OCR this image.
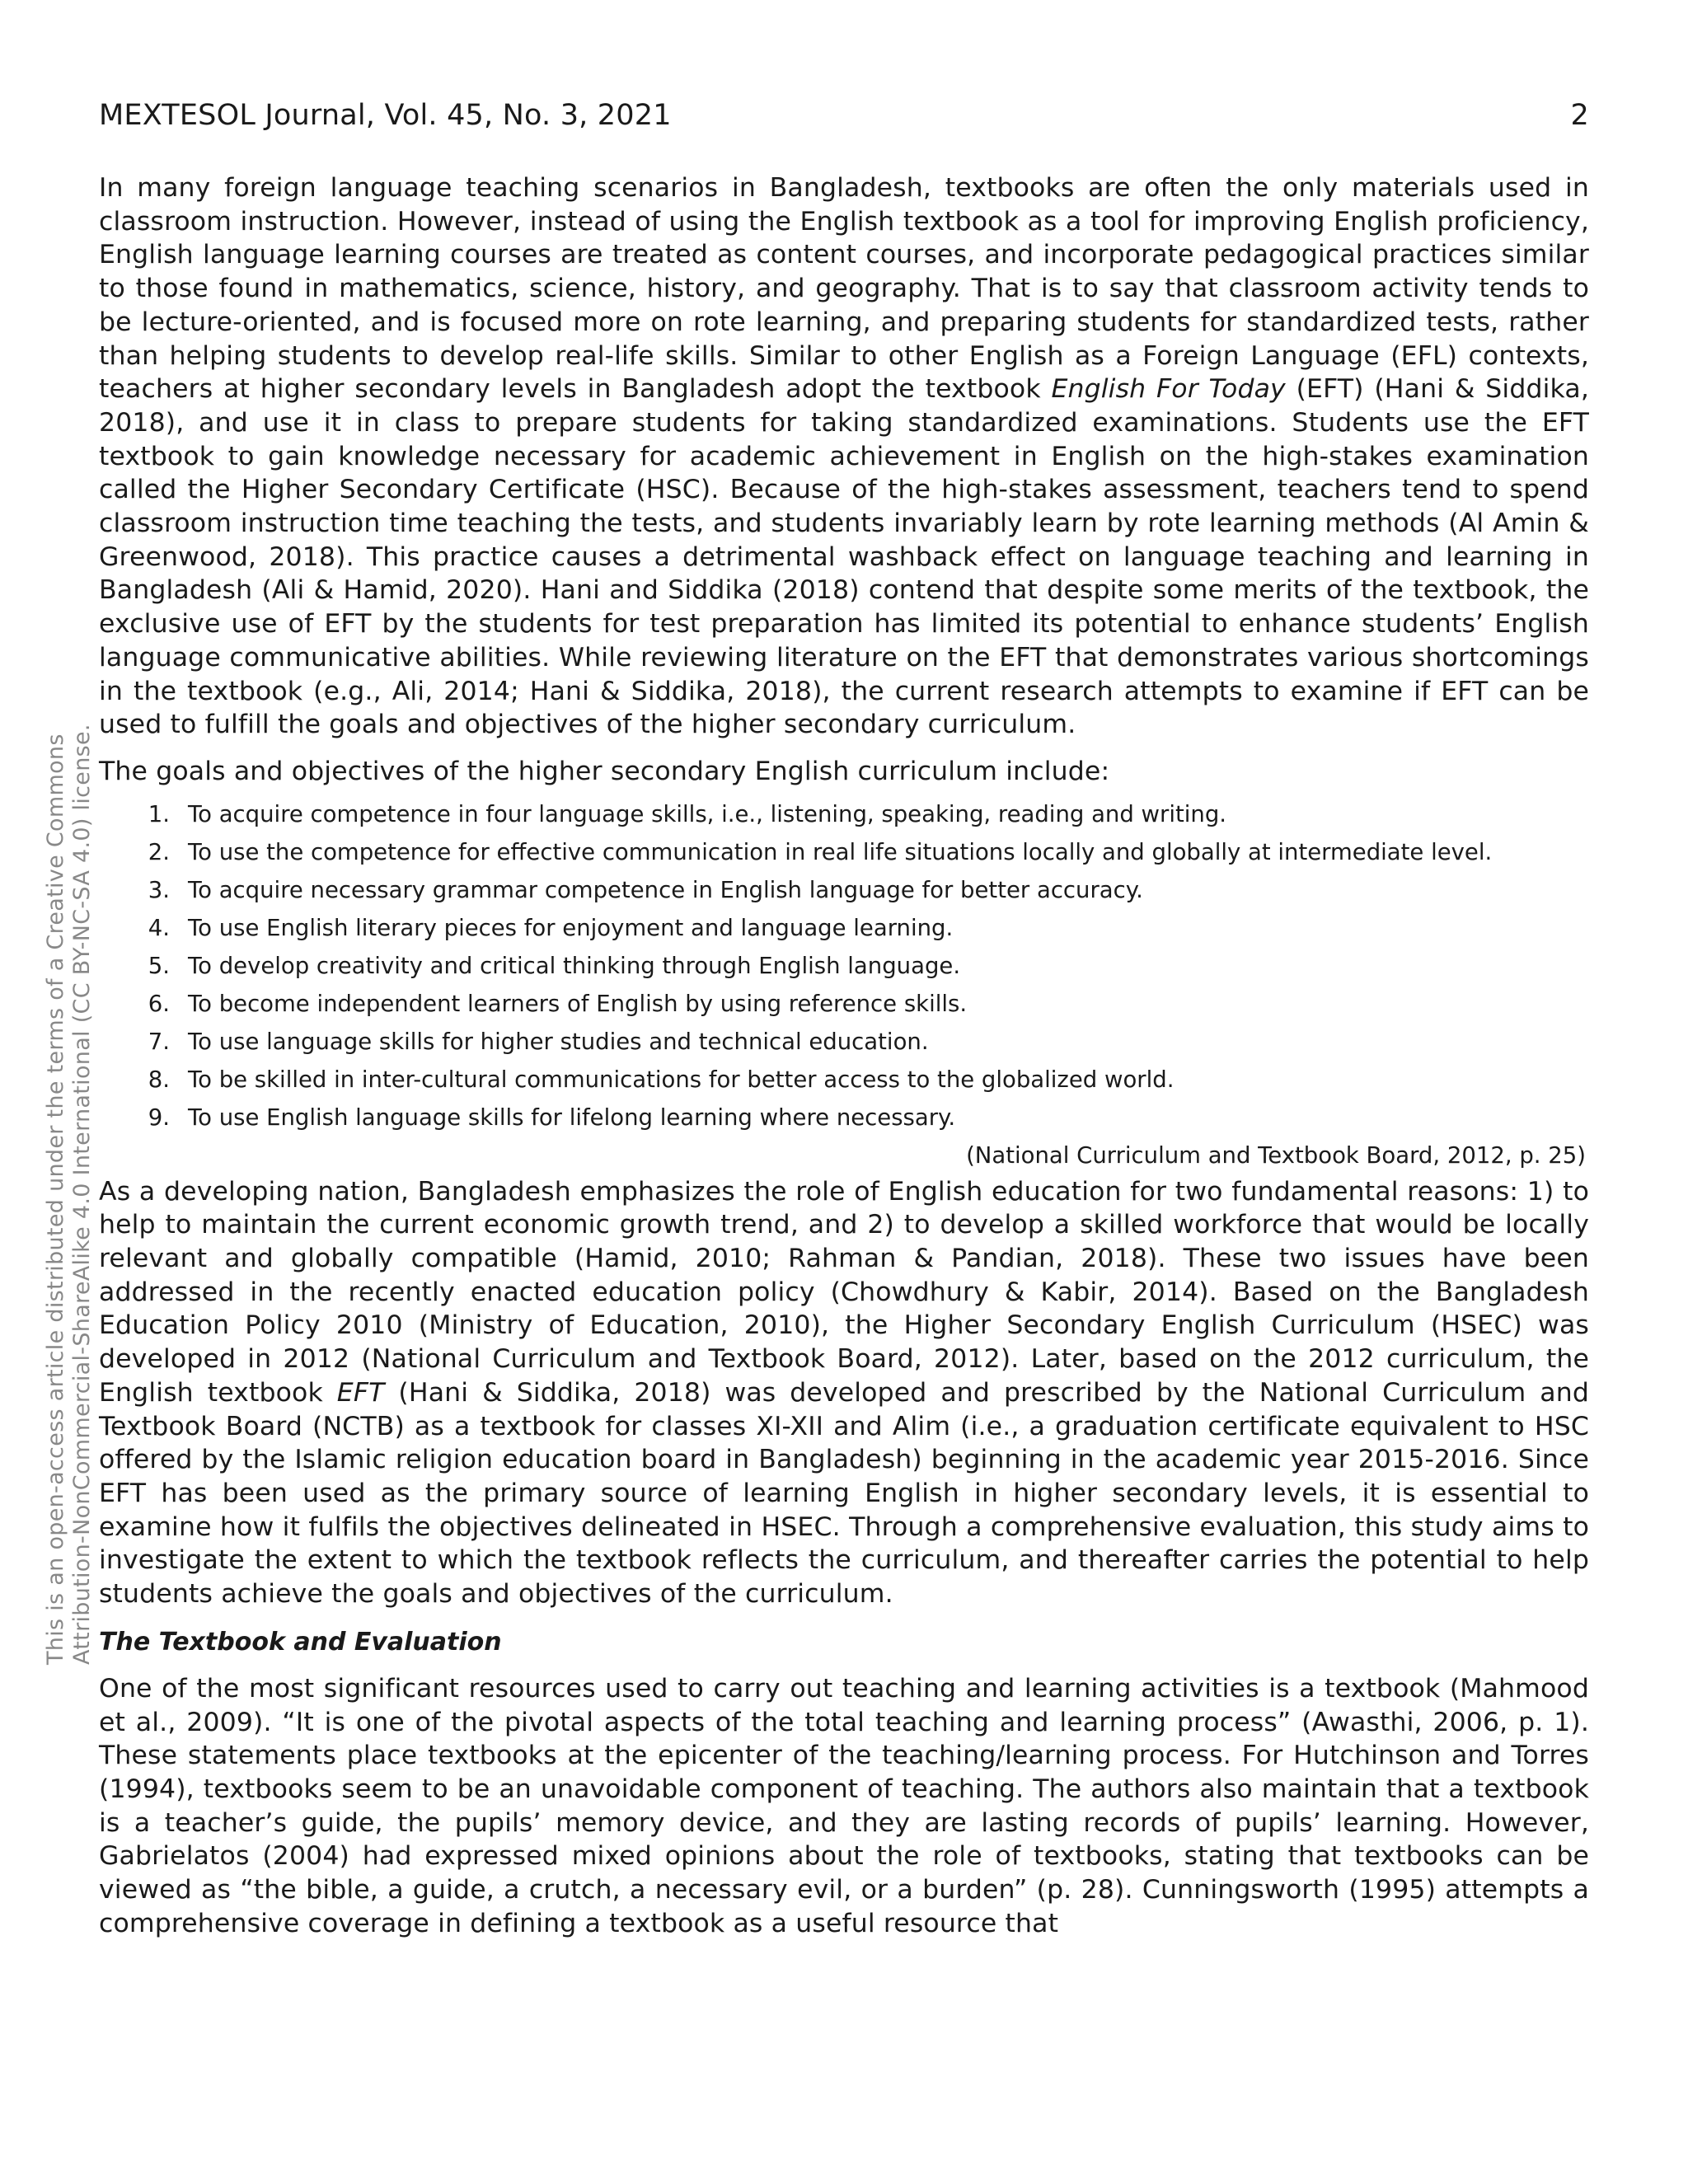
MEXTESOL Journal, Vol. 45, No. 3, 2021	2
This is an open-access article distributed under the terms of a Creative Commons Attribution-NonCommercial-ShareAlike 4.0 International (CC BY-NC-SA 4.0) license.

In many foreign language teaching scenarios in Bangladesh, textbooks are often the only materials used in classroom instruction. However, instead of using the English textbook as a tool for improving English proficiency, English language learning courses are treated as content courses, and incorporate pedagogical practices similar to those found in mathematics, science, history, and geography. That is to say that classroom activity tends to be lecture-oriented, and is focused more on rote learning, and preparing students for standardized tests, rather than helping students to develop real-life skills. Similar to other English as a Foreign Language (EFL) contexts, teachers at higher secondary levels in Bangladesh adopt the textbook English For Today (EFT) (Hani & Siddika, 2018), and use it in class to prepare students for taking standardized examinations. Students use the EFT textbook to gain knowledge necessary for academic achievement in English on the high-stakes examination called the Higher Secondary Certificate (HSC). Because of the high-stakes assessment, teachers tend to spend classroom instruction time teaching the tests, and students invariably learn by rote learning methods (Al Amin & Greenwood, 2018). This practice causes a detrimental washback effect on language teaching and learning in Bangladesh (Ali & Hamid, 2020). Hani and Siddika (2018) contend that despite some merits of the textbook, the exclusive use of EFT by the students for test preparation has limited its potential to enhance students’ English language communicative abilities. While reviewing literature on the EFT that demonstrates various shortcomings in the textbook (e.g., Ali, 2014; Hani & Siddika, 2018), the current research attempts to examine if EFT can be used to fulfill the goals and objectives of the higher secondary curriculum.

The goals and objectives of the higher secondary English curriculum include:

1. To acquire competence in four language skills, i.e., listening, speaking, reading and writing.
2. To use the competence for effective communication in real life situations locally and globally at intermediate level.
3. To acquire necessary grammar competence in English language for better accuracy.
4. To use English literary pieces for enjoyment and language learning.
5. To develop creativity and critical thinking through English language.
6. To become independent learners of English by using reference skills.
7. To use language skills for higher studies and technical education.
8. To be skilled in inter-cultural communications for better access to the globalized world.
9. To use English language skills for lifelong learning where necessary.

(National Curriculum and Textbook Board, 2012, p. 25)

As a developing nation, Bangladesh emphasizes the role of English education for two fundamental reasons: 1) to help to maintain the current economic growth trend, and 2) to develop a skilled workforce that would be locally relevant and globally compatible (Hamid, 2010; Rahman & Pandian, 2018). These two issues have been addressed in the recently enacted education policy (Chowdhury & Kabir, 2014). Based on the Bangladesh Education Policy 2010 (Ministry of Education, 2010), the Higher Secondary English Curriculum (HSEC) was developed in 2012 (National Curriculum and Textbook Board, 2012). Later, based on the 2012 curriculum, the English textbook EFT (Hani & Siddika, 2018) was developed and prescribed by the National Curriculum and Textbook Board (NCTB) as a textbook for classes XI-XII and Alim (i.e., a graduation certificate equivalent to HSC offered by the Islamic religion education board in Bangladesh) beginning in the academic year 2015-2016. Since EFT has been used as the primary source of learning English in higher secondary levels, it is essential to examine how it fulfils the objectives delineated in HSEC. Through a comprehensive evaluation, this study aims to investigate the extent to which the textbook reflects the curriculum, and thereafter carries the potential to help students achieve the goals and objectives of the curriculum.

The Textbook and Evaluation

One of the most significant resources used to carry out teaching and learning activities is a textbook (Mahmood et al., 2009). “It is one of the pivotal aspects of the total teaching and learning process” (Awasthi, 2006, p. 1). These statements place textbooks at the epicenter of the teaching/learning process. For Hutchinson and Torres (1994), textbooks seem to be an unavoidable component of teaching. The authors also maintain that a textbook is a teacher’s guide, the pupils’ memory device, and they are lasting records of pupils’ learning. However, Gabrielatos (2004) had expressed mixed opinions about the role of textbooks, stating that textbooks can be viewed as “the bible, a guide, a crutch, a necessary evil, or a burden” (p. 28). Cunningsworth (1995) attempts a comprehensive coverage in defining a textbook as a useful resource that
